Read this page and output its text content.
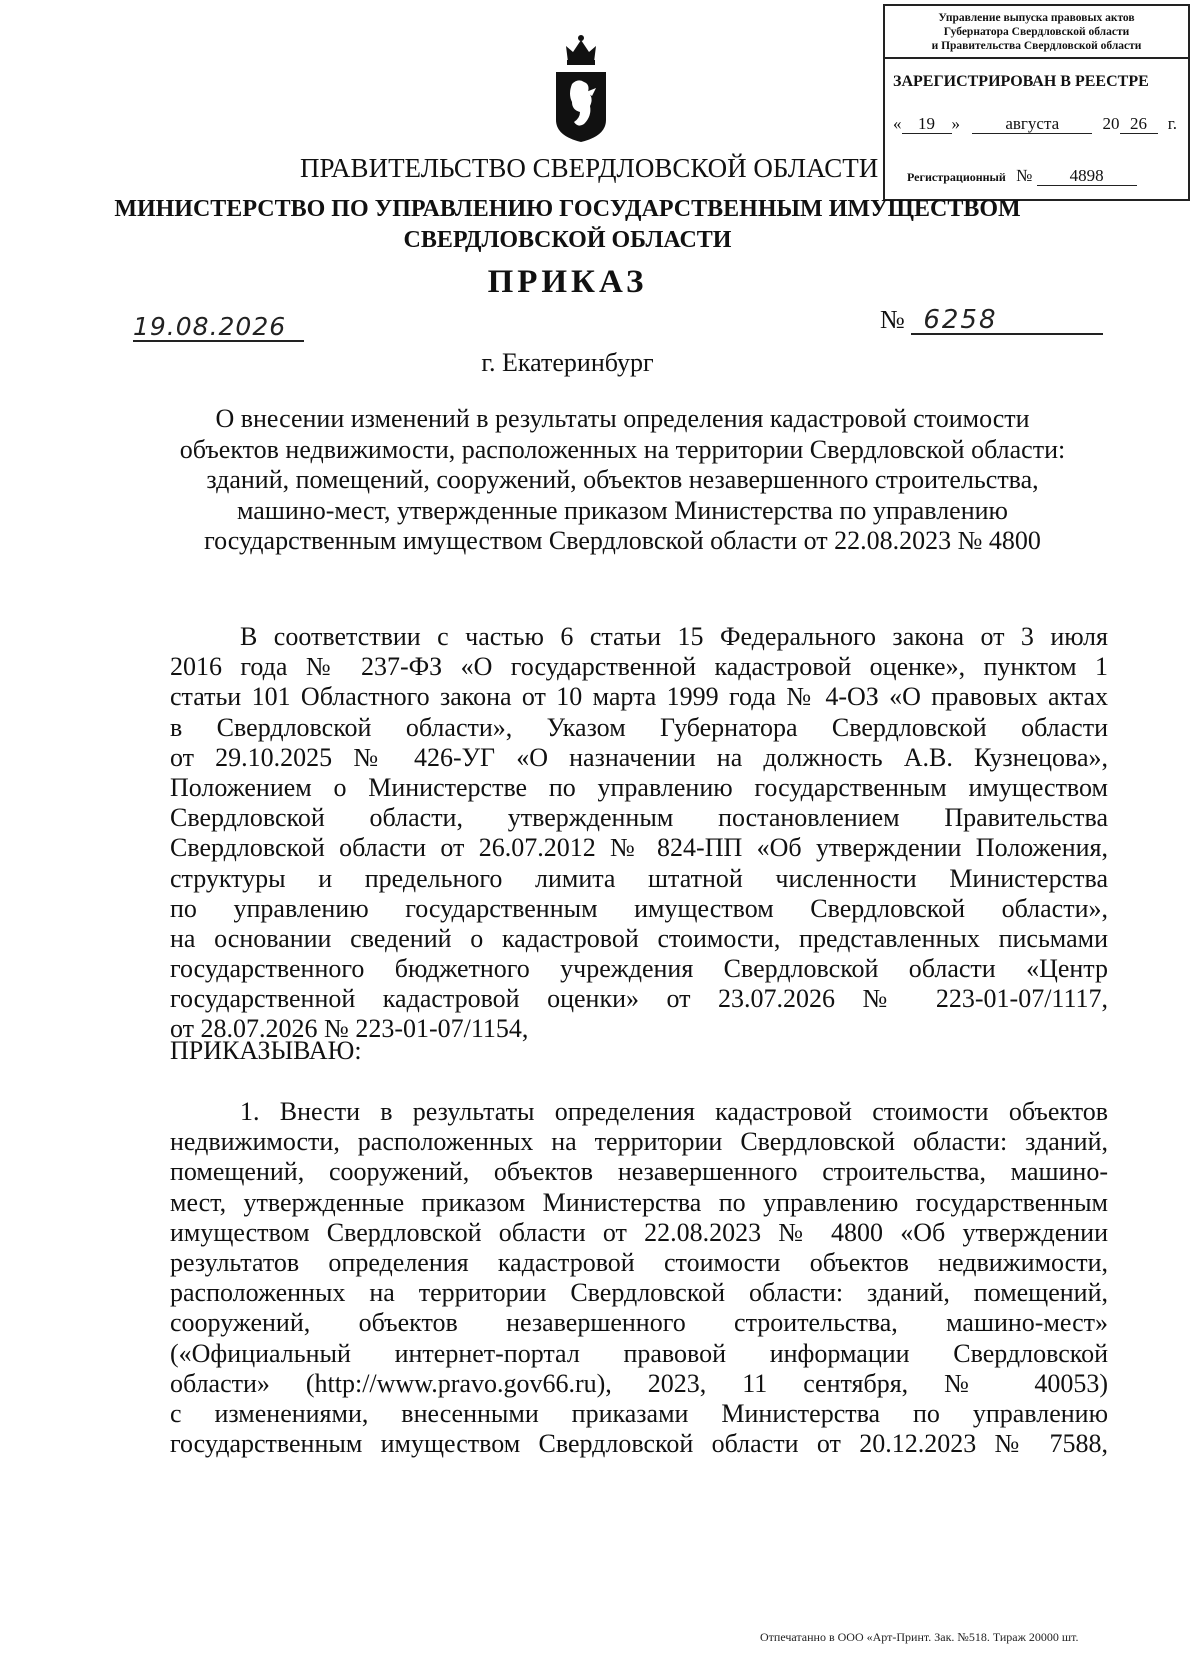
Управление выпуска правовых актов
Губернатора Свердловской области
и Правительства Свердловской области
ЗАРЕГИСТРИРОВАН В РЕЕСТРЕ
« 19 »	августа	20 26 г.
Регистрационный № 4898
ПРАВИТЕЛЬСТВО СВЕРДЛОВСКОЙ ОБЛАСТИ
МИНИСТЕРСТВО ПО УПРАВЛЕНИЮ ГОСУДАРСТВЕННЫМ ИМУЩЕСТВОМ
СВЕРДЛОВСКОЙ ОБЛАСТИ
ПРИКАЗ
19.08.2026	№ 6258
г. Екатеринбург
О внесении изменений в результаты определения кадастровой стоимости
объектов недвижимости, расположенных на территории Свердловской области:
зданий, помещений, сооружений, объектов незавершенного строительства,
машино-мест, утвержденные приказом Министерства по управлению
государственным имуществом Свердловской области от 22.08.2023 № 4800
В соответствии с частью 6 статьи 15 Федерального закона от 3 июля
2016 года № 237-ФЗ «О государственной кадастровой оценке», пунктом 1
статьи 101 Областного закона от 10 марта 1999 года № 4-ОЗ «О правовых актах
в Свердловской области», Указом Губернатора Свердловской области
от 29.10.2025 № 426-УГ «О назначении на должность А.В. Кузнецова»,
Положением о Министерстве по управлению государственным имуществом
Свердловской области, утвержденным постановлением Правительства
Свердловской области от 26.07.2012 № 824-ПП «Об утверждении Положения,
структуры и предельного лимита штатной численности Министерства
по управлению государственным имуществом Свердловской области»,
на основании сведений о кадастровой стоимости, представленных письмами
государственного бюджетного учреждения Свердловской области «Центр
государственной кадастровой оценки» от 23.07.2026 № 223-01-07/1117,
от 28.07.2026 № 223-01-07/1154,
ПРИКАЗЫВАЮ:
1. Внести в результаты определения кадастровой стоимости объектов
недвижимости, расположенных на территории Свердловской области: зданий,
помещений, сооружений, объектов незавершенного строительства, машино-
мест, утвержденные приказом Министерства по управлению государственным
имуществом Свердловской области от 22.08.2023 № 4800 «Об утверждении
результатов определения кадастровой стоимости объектов недвижимости,
расположенных на территории Свердловской области: зданий, помещений,
сооружений, объектов незавершенного строительства, машино-мест»
(«Официальный интернет-портал правовой информации Свердловской
области» (http://www.pravo.gov66.ru), 2023, 11 сентября, № 40053)
с изменениями, внесенными приказами Министерства по управлению
государственным имуществом Свердловской области от 20.12.2023 № 7588,
Отпечатанно в ООО «Арт-Принт. Зак. №518. Тираж 20000 шт.
